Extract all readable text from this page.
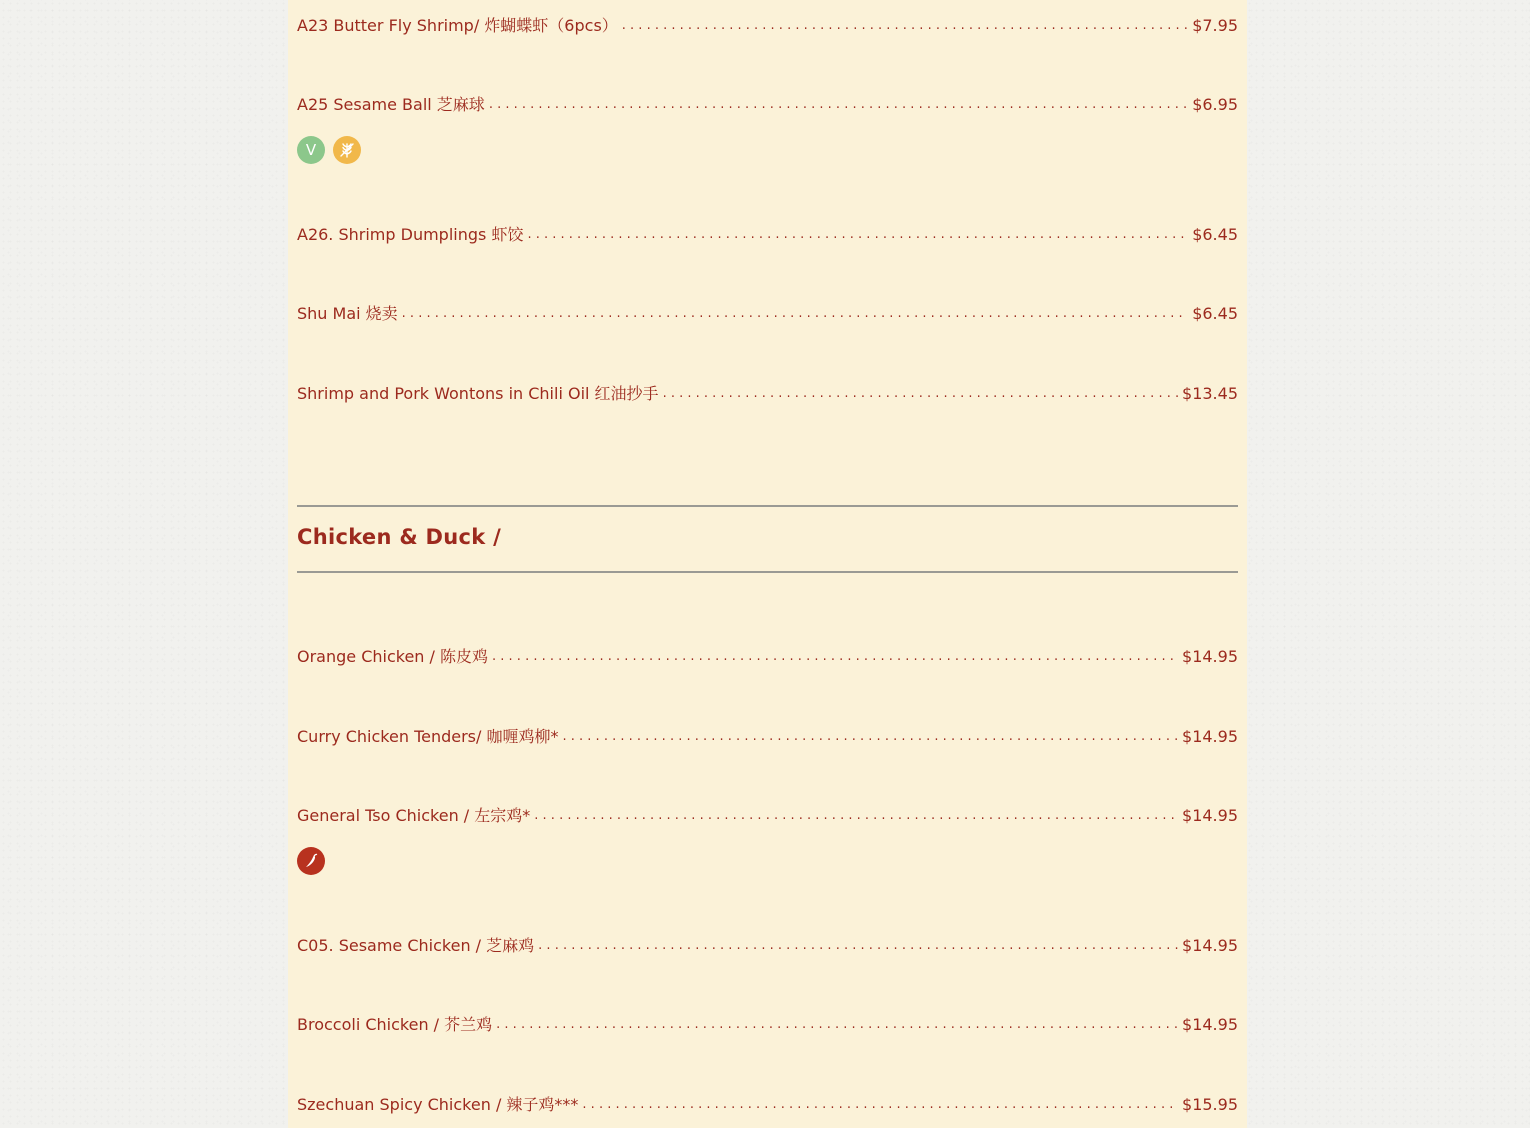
A23 Butter Fly Shrimp/ 炸蝴蝶虾（6pcs） . . .	$7.95
A25 Sesame Ball 芝麻球 . . .	$6.95
V
A26. Shrimp Dumplings 虾饺 . . .	$6.45
Shu Mai 烧卖 . . .	$6.45
Shrimp and Pork Wontons in Chili Oil 红油抄手 . . .	$13.45
Chicken & Duck /
Orange Chicken / 陈皮鸡 . . .	$14.95
Curry Chicken Tenders/ 咖喱鸡柳* . . .	$14.95
General Tso Chicken / 左宗鸡* . . .	$14.95
C05. Sesame Chicken / 芝麻鸡 . . .	$14.95
Broccoli Chicken / 芥兰鸡 . . .	$14.95
Szechuan Spicy Chicken / 辣子鸡*** . . .	$15.95
